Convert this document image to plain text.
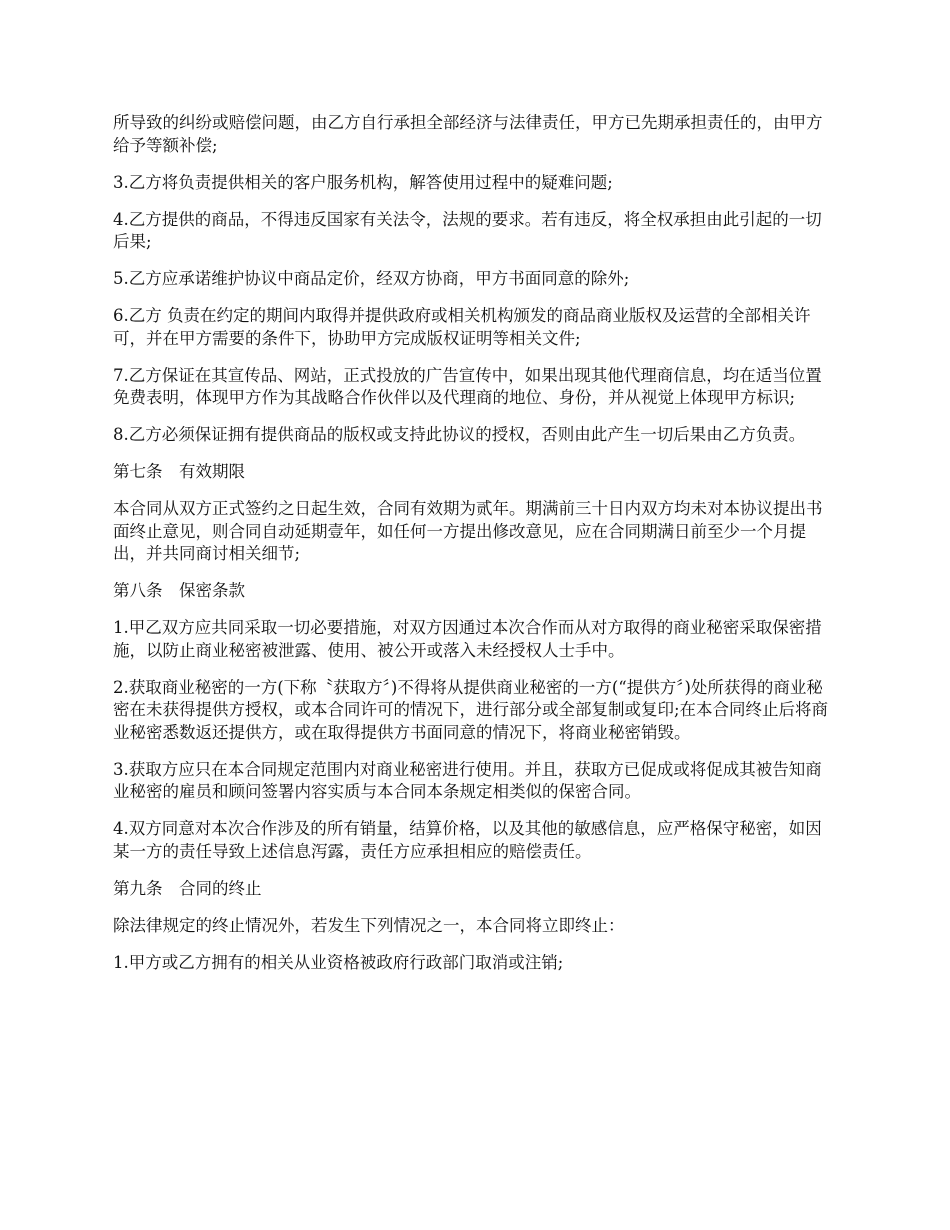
所导致的纠纷或赔偿问题，由乙方自行承担全部经济与法律责任，甲方已先期承担责任的，由甲方给予等额补偿;

3.乙方将负责提供相关的客户服务机构，解答使用过程中的疑难问题;

4.乙方提供的商品，不得违反国家有关法令，法规的要求。若有违反，将全权承担由此引起的一切后果;

5.乙方应承诺维护协议中商品定价，经双方协商，甲方书面同意的除外;

6.乙方 负责在约定的期间内取得并提供政府或相关机构颁发的商品商业版权及运营的全部相关许可，并在甲方需要的条件下，协助甲方完成版权证明等相关文件;

7.乙方保证在其宣传品、网站，正式投放的广告宣传中，如果出现其他代理商信息，均在适当位置免费表明，体现甲方作为其战略合作伙伴以及代理商的地位、身份，并从视觉上体现甲方标识;

8.乙方必须保证拥有提供商品的版权或支持此协议的授权，否则由此产生一切后果由乙方负责。

第七条　有效期限

本合同从双方正式签约之日起生效，合同有效期为贰年。期满前三十日内双方均未对本协议提出书面终止意见，则合同自动延期壹年，如任何一方提出修改意见，应在合同期满日前至少一个月提出，并共同商讨相关细节;

第八条　保密条款

1.甲乙双方应共同采取一切必要措施，对双方因通过本次合作而从对方取得的商业秘密采取保密措施，以防止商业秘密被泄露、使用、被公开或落入未经授权人士手中。

2.获取商业秘密的一方(下称〝获取方〞)不得将从提供商业秘密的一方(“提供方〞)处所获得的商业秘密在未获得提供方授权，或本合同许可的情况下，进行部分或全部复制或复印;在本合同终止后将商业秘密悉数返还提供方，或在取得提供方书面同意的情况下，将商业秘密销毁。

3.获取方应只在本合同规定范围内对商业秘密进行使用。并且，获取方已促成或将促成其被告知商业秘密的雇员和顾问签署内容实质与本合同本条规定相类似的保密合同。

4.双方同意对本次合作涉及的所有销量，结算价格，以及其他的敏感信息，应严格保守秘密，如因某一方的责任导致上述信息泻露，责任方应承担相应的赔偿责任。

第九条　合同的终止

除法律规定的终止情况外，若发生下列情况之一，本合同将立即终止：

1.甲方或乙方拥有的相关从业资格被政府行政部门取消或注销;
